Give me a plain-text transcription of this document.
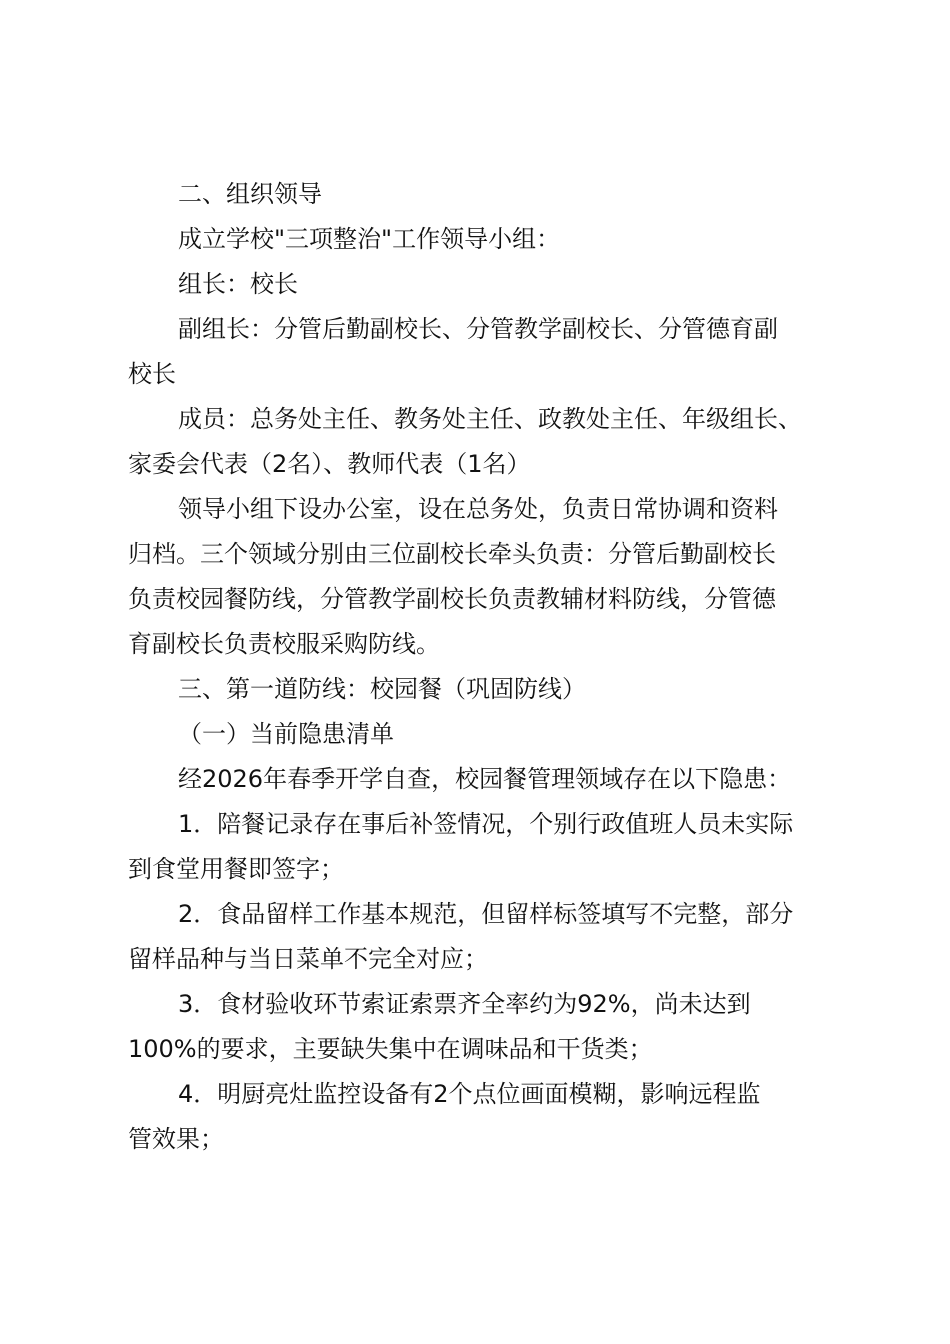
二、组织领导

成立学校"三项整治"工作领导小组：

组长：校长

副组长：分管后勤副校长、分管教学副校长、分管德育副
校长
成员：总务处主任、教务处主任、政教处主任、年级组长、
家委会代表（2名）、教师代表（1名）
领导小组下设办公室，设在总务处，负责日常协调和资料
归档。三个领域分别由三位副校长牵头负责：分管后勤副校长
负责校园餐防线，分管教学副校长负责教辅材料防线，分管德
育副校长负责校服采购防线。

三、第一道防线：校园餐（巩固防线）

（一）当前隐患清单

经2026年春季开学自查，校园餐管理领域存在以下隐患：

1．陪餐记录存在事后补签情况，个别行政值班人员未实际
到食堂用餐即签字；
2．食品留样工作基本规范，但留样标签填写不完整，部分
留样品种与当日菜单不完全对应；
3．食材验收环节索证索票齐全率约为92%，尚未达到
100%的要求，主要缺失集中在调味品和干货类；
4．明厨亮灶监控设备有2个点位画面模糊，影响远程监
管效果；
